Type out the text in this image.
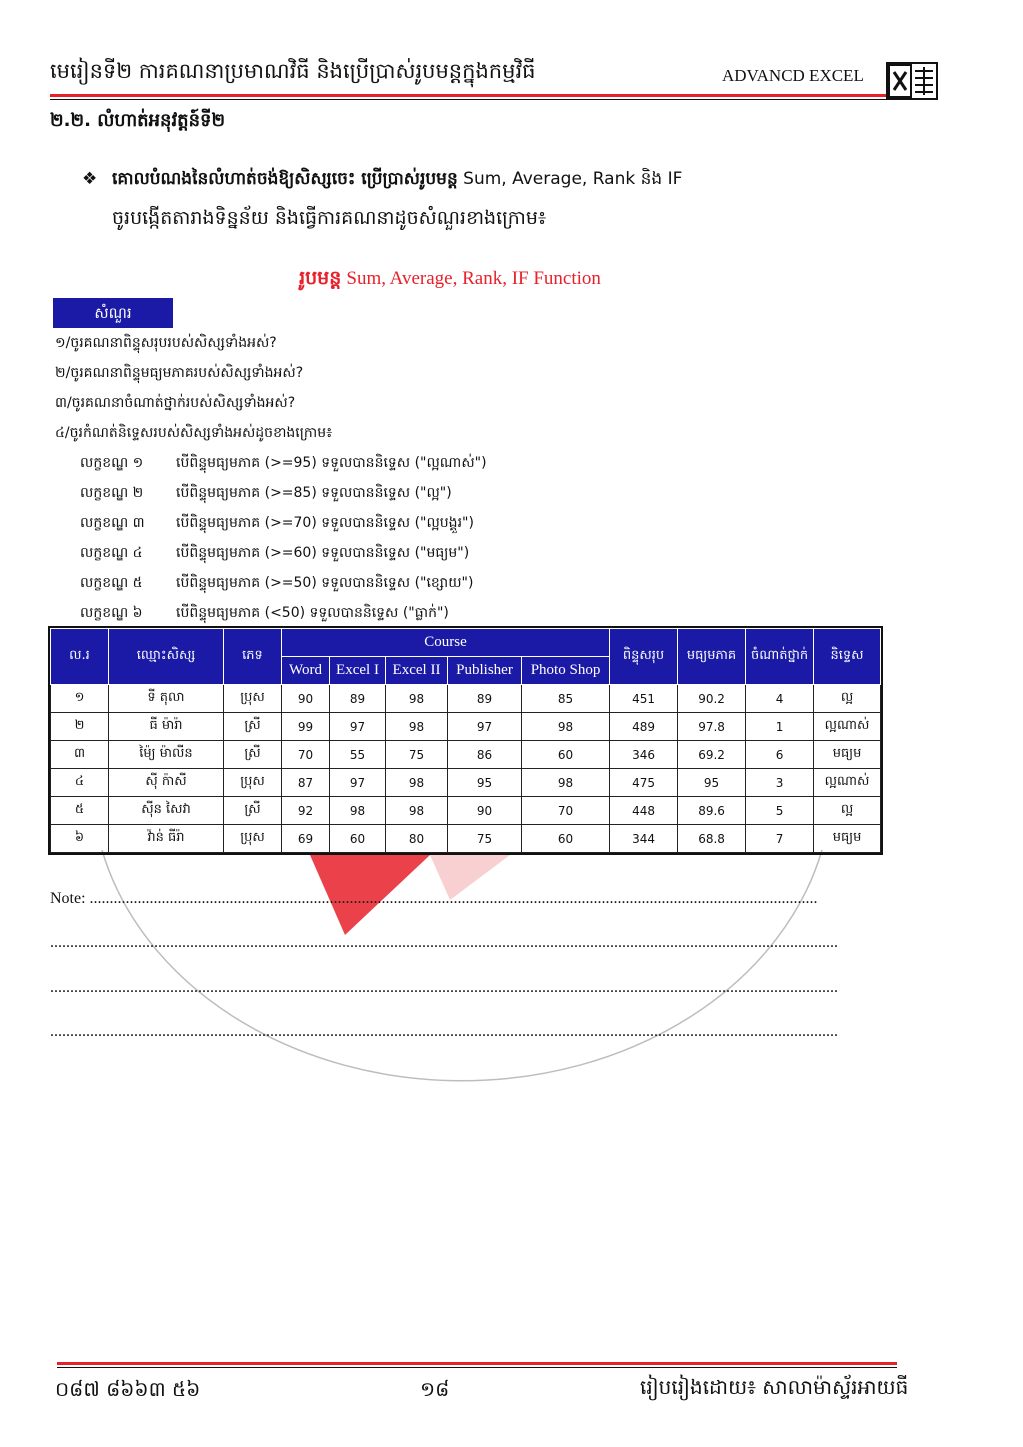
មេរៀនទី២ ការគណនាប្រមាណវិធី និងប្រើប្រាស់រូបមន្តក្នុងកម្មវិធី	ADVANCD EXCEL
២.២. លំហាត់អនុវត្តន៍ទី២
❖ គោលបំណងនៃលំហាត់ចង់ឱ្យសិស្សចេះ ប្រើប្រាស់រូបមន្ត Sum, Average, Rank និង IF
ចូរបង្កើតតារាងទិន្នន័យ និងធ្វើការគណនាដូចសំណួរខាងក្រោម៖
រូបមន្ត Sum, Average, Rank, IF Function
សំណួរ
១/ចូរគណនាពិន្ទុសរុបរបស់សិស្សទាំងអស់?
២/ចូរគណនាពិន្ទុមធ្យមភាគរបស់សិស្សទាំងអស់?
៣/ចូរគណនាចំណាត់ថ្នាក់របស់សិស្សទាំងអស់?
៤/ចូរកំណត់និទ្ទេសរបស់សិស្សទាំងអស់ដូចខាងក្រោម៖
លក្ខខណ្ឌ ១ បើពិន្ទុមធ្យមភាគ (>=95) ទទួលបាននិទ្ទេស ("ល្អណាស់")
លក្ខខណ្ឌ ២ បើពិន្ទុមធ្យមភាគ (>=85) ទទួលបាននិទ្ទេស ("ល្អ")
លក្ខខណ្ឌ ៣ បើពិន្ទុមធ្យមភាគ (>=70) ទទួលបាននិទ្ទេស ("ល្អបង្គួរ")
លក្ខខណ្ឌ ៤ បើពិន្ទុមធ្យមភាគ (>=60) ទទួលបាននិទ្ទេស ("មធ្យម")
លក្ខខណ្ឌ ៥ បើពិន្ទុមធ្យមភាគ (>=50) ទទួលបាននិទ្ទេស ("ខ្សោយ")
លក្ខខណ្ឌ ៦ បើពិន្ទុមធ្យមភាគ (<50) ទទួលបាននិទ្ទេស ("ធ្លាក់")
ល.រ	ឈ្មោះសិស្ស	ភេទ	Course					ពិន្ទុសរុប	មធ្យមភាគ	ចំណាត់ថ្នាក់	និទ្ទេស
			Word	Excel I	Excel II	Publisher	Photo Shop				
១	ទី តុលា	ប្រុស	90	89	98	89	85	451	90.2	4	ល្អ
២	ធី ម៉ារ៉ា	ស្រី	99	97	98	97	98	489	97.8	1	ល្អណាស់
៣	ម៉ៃ្យ ម៉ាលីន	ស្រី	70	55	75	86	60	346	69.2	6	មធ្យម
៤	ស៊ី ក៉ាសី	ប្រុស	87	97	98	95	98	475	95	3	ល្អណាស់
៥	ស៊ីន សៃវា	ស្រី	92	98	98	90	70	448	89.6	5	ល្អ
៦	វ៉ាន់ ធីរ៉ា	ប្រុស	69	60	80	75	60	344	68.8	7	មធ្យម
Note: ......................................................................................................................................................................................
.....................................................................................................................................................................................................
.....................................................................................................................................................................................................
.....................................................................................................................................................................................................
០៨៧ ៨៦៦៣ ៥៦	១៨	រៀបរៀងដោយ៖ សាលាម៉ាស្ទ័រអាយធី
